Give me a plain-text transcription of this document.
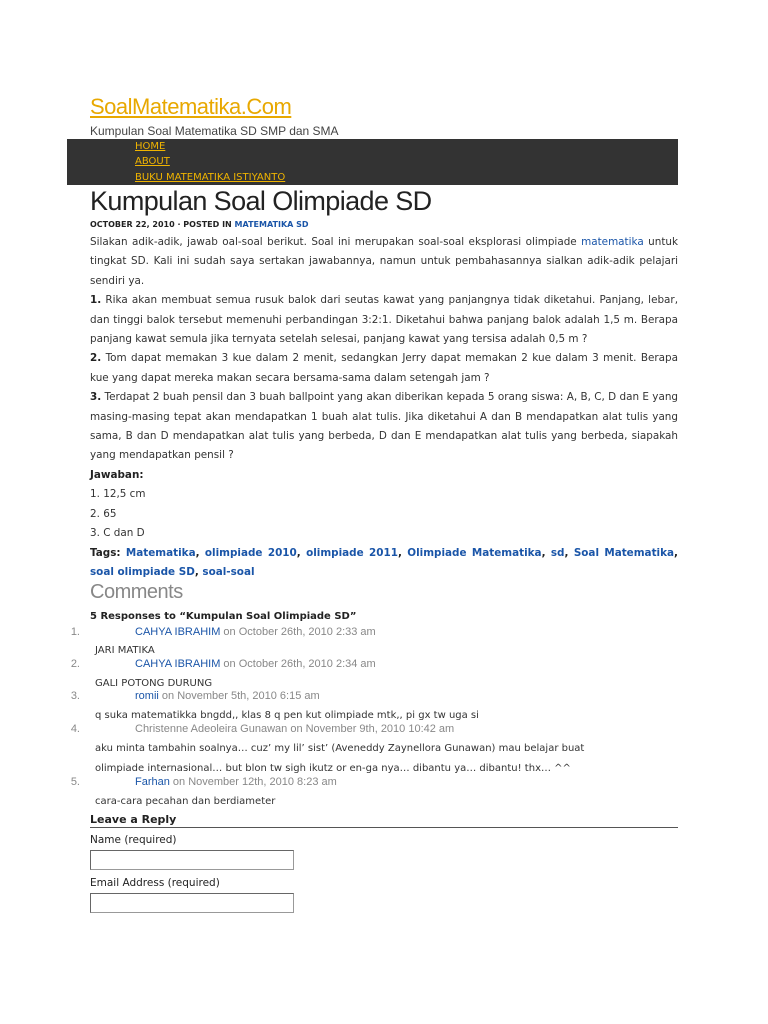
SoalMatematika.Com
Kumpulan Soal Matematika SD SMP dan SMA
HOME
ABOUT
BUKU MATEMATIKA ISTIYANTO
Kumpulan Soal Olimpiade SD
OCTOBER 22, 2010 · POSTED IN MATEMATIKA SD

Silakan adik-adik, jawab oal-soal berikut. Soal ini merupakan soal-soal eksplorasi olimpiade matematika untuk tingkat SD. Kali ini sudah saya sertakan jawabannya, namun untuk pembahasannya sialkan adik-adik pelajari sendiri ya.

1. Rika akan membuat semua rusuk balok dari seutas kawat yang panjangnya tidak diketahui. Panjang, lebar, dan tinggi balok tersebut memenuhi perbandingan 3:2:1. Diketahui bahwa panjang balok adalah 1,5 m. Berapa panjang kawat semula jika ternyata setelah selesai, panjang kawat yang tersisa adalah 0,5 m ?

2. Tom dapat memakan 3 kue dalam 2 menit, sedangkan Jerry dapat memakan 2 kue dalam 3 menit. Berapa kue yang dapat mereka makan secara bersama-sama dalam setengah jam ?

3. Terdapat 2 buah pensil dan 3 buah ballpoint yang akan diberikan kepada 5 orang siswa: A, B, C, D dan E yang masing-masing tepat akan mendapatkan 1 buah alat tulis. Jika diketahui A dan B mendapatkan alat tulis yang sama, B dan D mendapatkan alat tulis yang berbeda, D dan E mendapatkan alat tulis yang berbeda, siapakah yang mendapatkan pensil ?

Jawaban:

1. 12,5 cm

2. 65

3. C dan D

Tags: Matematika, olimpiade 2010, olimpiade 2011, Olimpiade Matematika, sd, Soal Matematika, soal olimpiade SD, soal-soal

Comments
5 Responses to “Kumpulan Soal Olimpiade SD”
1.	CAHYA IBRAHIM on October 26th, 2010 2:33 am
JARI MATIKA
2.	CAHYA IBRAHIM on October 26th, 2010 2:34 am
GALI POTONG DURUNG
3.	romii on November 5th, 2010 6:15 am
q suka matematikka bngdd,, klas 8 q pen kut olimpiade mtk,, pi gx tw uga si
4.	Christenne Adeoleira Gunawan on November 9th, 2010 10:42 am
aku minta tambahin soalnya… cuz’ my lil’ sist’ (Aveneddy Zaynellora Gunawan) mau belajar buat olimpiade internasional… but blon tw sigh ikutz or en-ga nya… dibantu ya… dibantu! thx… ^^
5.	Farhan on November 12th, 2010 8:23 am
cara-cara pecahan dan berdiameter
Leave a Reply
Name (required)
Email Address (required)
